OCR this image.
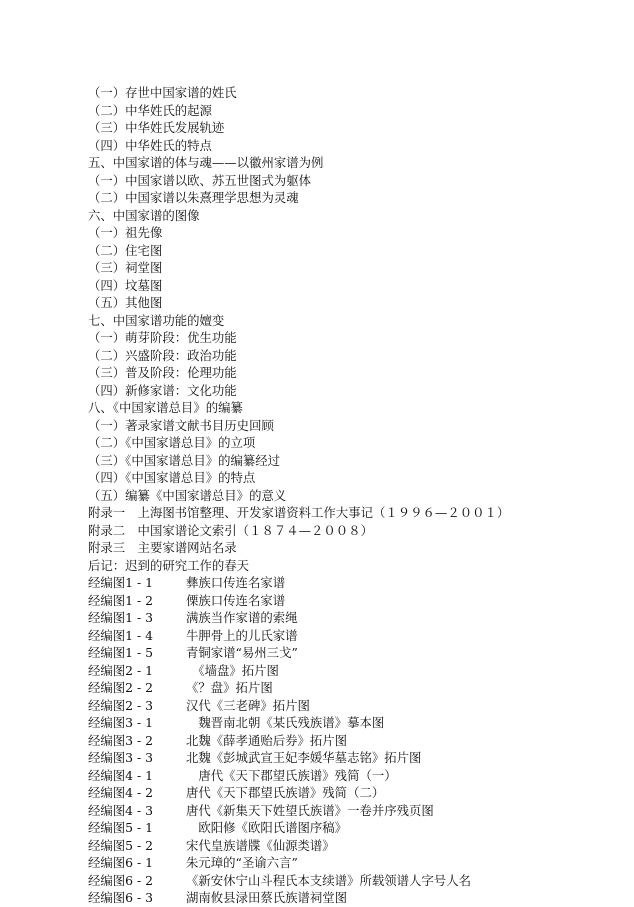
（一）存世中国家谱的姓氏
（二）中华姓氏的起源
（三）中华姓氏发展轨迹
（四）中华姓氏的特点
五、中国家谱的体与魂——以徽州家谱为例
（一）中国家谱以欧、苏五世图式为躯体
（二）中国家谱以朱熹理学思想为灵魂
六、中国家谱的图像
（一）祖先像
（二）住宅图
（三）祠堂图
（四）坟墓图
（五）其他图
七、中国家谱功能的嬗变
（一）萌芽阶段：优生功能
（二）兴盛阶段：政治功能
（三）普及阶段：伦理功能
（四）新修家谱：文化功能
八、《中国家谱总目》的编纂
（一）著录家谱文献书目历史回顾
（二）《中国家谱总目》的立项
（三）《中国家谱总目》的编纂经过
（四）《中国家谱总目》的特点
（五）编纂《中国家谱总目》的意义
附录一　上海图书馆整理、开发家谱资料工作大事记（１９９６—２００１）
附录二　中国家谱论文索引（１８７４—２００８）
附录三　主要家谱网站名录
后记：迟到的研究工作的春天
经编图1 - 1	彝族口传连名家谱
经编图1 - 2	傈族口传连名家谱
经编图1 - 3	满族当作家谱的索绳
经编图1 - 4	牛胛骨上的儿氏家谱
经编图1 - 5	青铜家谱“易州三戈”
经编图2 - 1	　《墙盘》拓片图
经编图2 - 2	《？盘》拓片图
经编图2 - 3	汉代《三老碑》拓片图
经编图3 - 1	　魏晋南北朝《某氏残族谱》摹本图
经编图3 - 2	北魏《薛孝通贻后券》拓片图
经编图3 - 3	北魏《彭城武宣王妃李媛华墓志铭》拓片图
经编图4 - 1	　唐代《天下郡望氏族谱》残简（一）
经编图4 - 2	唐代《天下郡望氏族谱》残简（二）
经编图4 - 3	唐代《新集天下姓望氏族谱》一卷并序残页图
经编图5 - 1	　欧阳修《欧阳氏谱图序稿》
经编图5 - 2	宋代皇族谱牒《仙源类谱》
经编图6 - 1	朱元璋的“圣谕六言”
经编图6 - 2	《新安休宁山斗程氏本支续谱》所载领谱人字号人名
经编图6 - 3	湖南攸县渌田蔡氏族谱祠堂图
